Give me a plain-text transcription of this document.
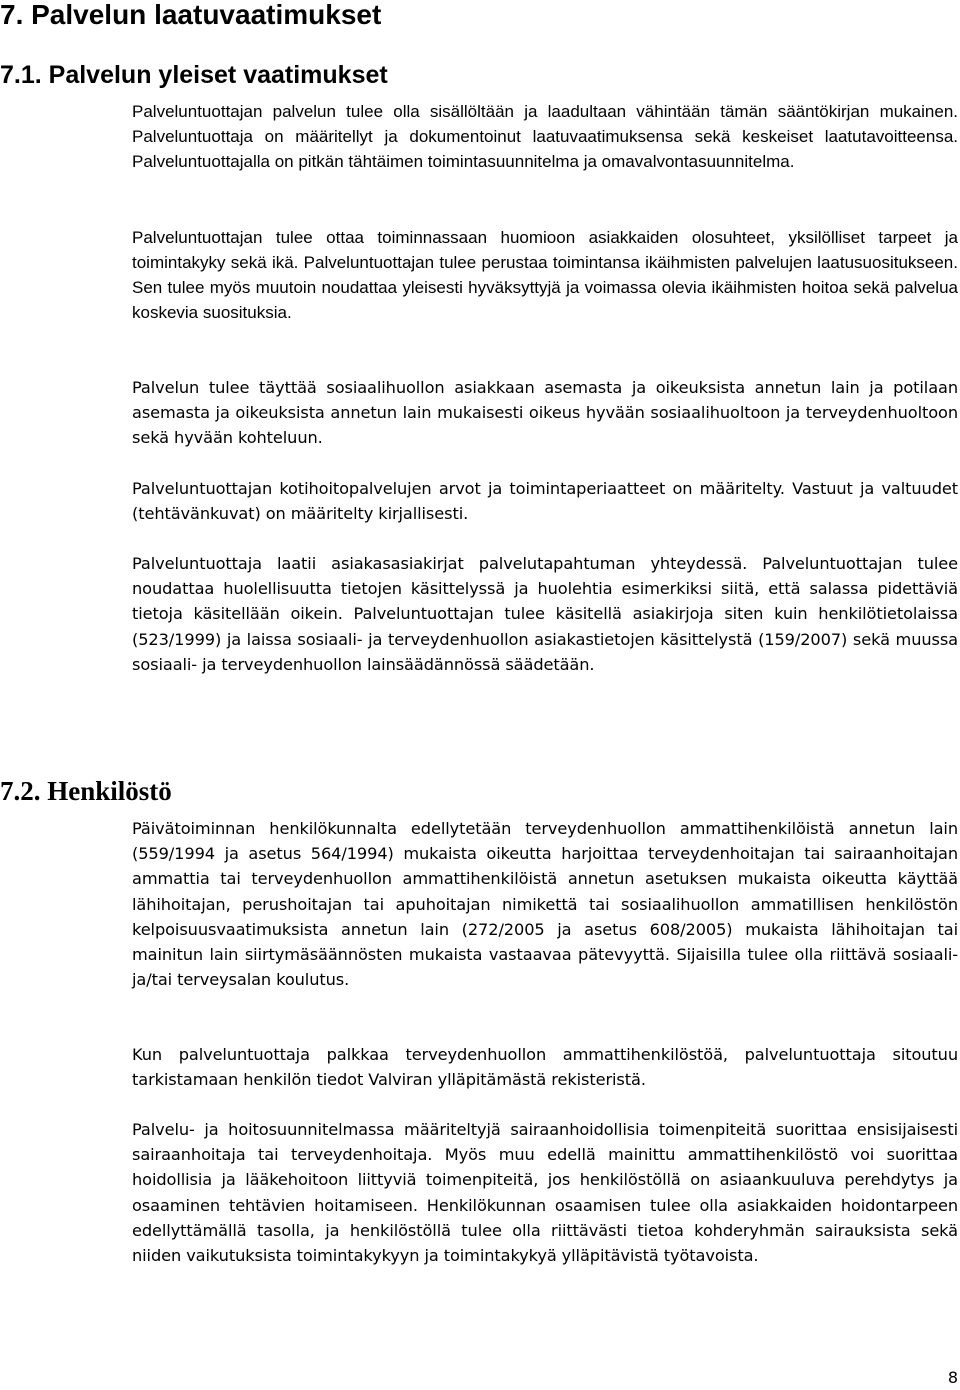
7. Palvelun laatuvaatimukset
7.1. Palvelun yleiset vaatimukset

Palveluntuottajan palvelun tulee olla sisällöltään ja laadultaan vähintään tämän sääntökirjan mukainen. Palveluntuottaja on määritellyt ja dokumentoinut laatuvaatimuksensa sekä keskeiset laatutavoitteensa. Palveluntuottajalla on pitkän tähtäimen toimintasuunnitelma ja omavalvontasuunnitelma.

Palveluntuottajan tulee ottaa toiminnassaan huomioon asiakkaiden olosuhteet, yksilölliset tarpeet ja toimintakyky sekä ikä. Palveluntuottajan tulee perustaa toimintansa ikäihmisten palvelujen laatusuositukseen. Sen tulee myös muutoin noudattaa yleisesti hyväksyttyjä ja voimassa olevia ikäihmisten hoitoa sekä palvelua koskevia suosituksia.

Palvelun tulee täyttää sosiaalihuollon asiakkaan asemasta ja oikeuksista annetun lain ja potilaan asemasta ja oikeuksista annetun lain mukaisesti oikeus hyvään sosiaalihuoltoon ja terveydenhuoltoon sekä hyvään kohteluun.

Palveluntuottajan kotihoitopalvelujen arvot ja toimintaperiaatteet on määritelty. Vastuut ja valtuudet (tehtävänkuvat) on määritelty kirjallisesti.

Palveluntuottaja laatii asiakasasiakirjat palvelutapahtuman yhteydessä. Palveluntuottajan tulee noudattaa huolellisuutta tietojen käsittelyssä ja huolehtia esimerkiksi siitä, että salassa pidettäviä tietoja käsitellään oikein. Palveluntuottajan tulee käsitellä asiakirjoja siten kuin henkilötietolaissa (523/1999) ja laissa sosiaali- ja terveydenhuollon asiakastietojen käsittelystä (159/2007) sekä muussa sosiaali- ja terveydenhuollon lainsäädännössä säädetään.

7.2. Henkilöstö

Päivätoiminnan henkilökunnalta edellytetään terveydenhuollon ammattihenkilöistä annetun lain (559/1994 ja asetus 564/1994) mukaista oikeutta harjoittaa terveydenhoitajan tai sairaanhoitajan ammattia tai terveydenhuollon ammattihenkilöistä annetun asetuksen mukaista oikeutta käyttää lähihoitajan, perushoitajan tai apuhoitajan nimikettä tai sosiaalihuollon ammatillisen henkilöstön kelpoisuusvaatimuksista annetun lain (272/2005 ja asetus 608/2005) mukaista lähihoitajan tai mainitun lain siirtymäsäännösten mukaista vastaavaa pätevyyttä. Sijaisilla tulee olla riittävä sosiaali- ja/tai terveysalan koulutus.

Kun palveluntuottaja palkkaa terveydenhuollon ammattihenkilöstöä, palveluntuottaja sitoutuu tarkistamaan henkilön tiedot Valviran ylläpitämästä rekisteristä.

Palvelu- ja hoitosuunnitelmassa määriteltyjä sairaanhoidollisia toimenpiteitä suorittaa ensisijaisesti sairaanhoitaja tai terveydenhoitaja. Myös muu edellä mainittu ammattihenkilöstö voi suorittaa hoidollisia ja lääkehoitoon liittyviä toimenpiteitä, jos henkilöstöllä on asiaankuuluva perehdytys ja osaaminen tehtävien hoitamiseen. Henkilökunnan osaamisen tulee olla asiakkaiden hoidontarpeen edellyttämällä tasolla, ja henkilöstöllä tulee olla riittävästi tietoa kohderyhmän sairauksista sekä niiden vaikutuksista toimintakykyyn ja toimintakykyä ylläpitävistä työtavoista.

8
